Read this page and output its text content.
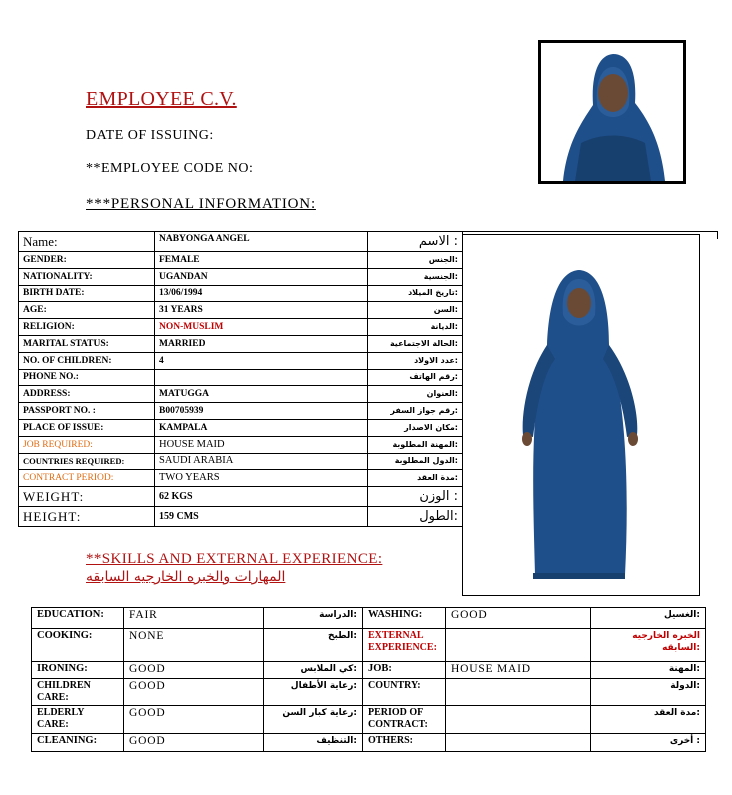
EMPLOYEE C.V.
DATE OF ISSUING:
**EMPLOYEE CODE NO:
***PERSONAL INFORMATION:
Name:	NABYONGA ANGEL	الاسم :
GENDER:	FEMALE	الجنس:
NATIONALITY:	UGANDAN	الجنسية:
BIRTH DATE:	13/06/1994	تاريخ الميلاد:
AGE:	31 YEARS	السن:
RELIGION:	NON-MUSLIM	الديانة:
MARITAL STATUS:	MARRIED	الحالة الاجتماعية:
NO. OF CHILDREN:	4	عدد الاولاد:
PHONE NO.:		رقم الهاتف:
ADDRESS:	MATUGGA	العنوان:
PASSPORT NO. :	B00705939	رقم جواز السفر:
PLACE OF ISSUE:	KAMPALA	مكان الاصدار:
JOB REQUIRED:	HOUSE MAID	المهنة المطلوبة:
COUNTRIES REQUIRED:	SAUDI ARABIA	الدول المطلوبة:
CONTRACT PERIOD:	TWO YEARS	مدة العقد:
WEIGHT:	62 KGS	الوزن :
HEIGHT:	159 CMS	الطول:
**SKILLS AND EXTERNAL EXPERIENCE:
المهارات والخبره الخارجيه السابقه
EDUCATION:	FAIR	الدراسة:	WASHING:	GOOD	الغسيل:
COOKING:	NONE	الطبخ:	EXTERNAL EXPERIENCE:		الخبره الخارجيه السابقه:
IRONING:	GOOD	كي الملابس:	JOB:	HOUSE MAID	المهنة:
CHILDREN CARE:	GOOD	رعاية الأطفال:	COUNTRY:		الدولة:
ELDERLY CARE:	GOOD	رعاية كبار السن:	PERIOD OF CONTRACT:		مدة العقد:
CLEANING:	GOOD	التنظيف:	OTHERS:		أخرى :
